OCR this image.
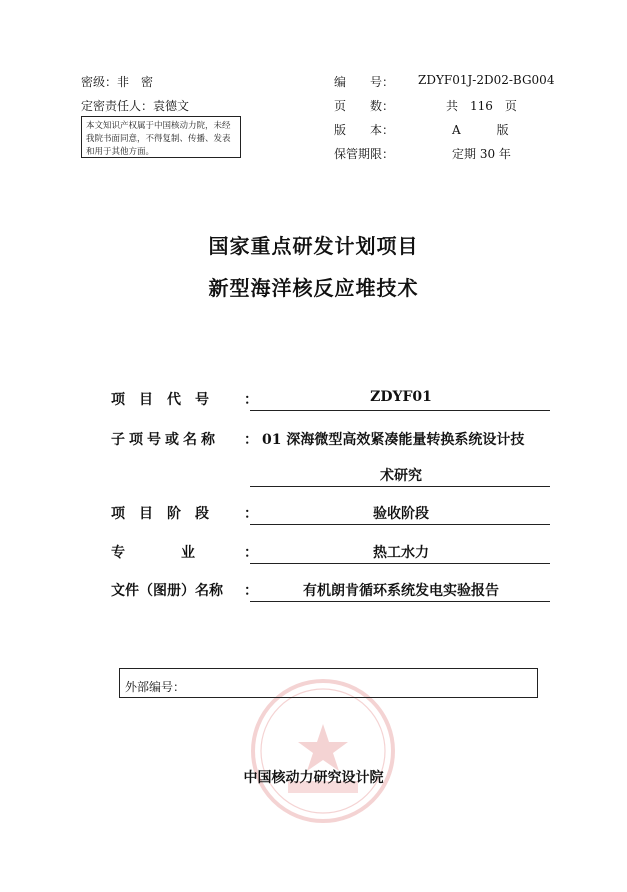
密级：非　密
定密责任人：袁德文
本文知识产权属于中国核动力院，未经我院书面同意，不得复制、传播、发表和用于其他方面。
编　　号： ZDYF01J-2D02-BG004
页　　数：	共　116　页
版　　本：	A　　　版
保管期限：	定期 30 年
国家重点研发计划项目
新型海洋核反应堆技术
项　目　代　号	：	ZDYF01
子项号或名称 ： 01 深海微型高效紧凑能量转换系统设计技
术研究
项　目　阶　段	：	验收阶段
专　　　　业	：	热工水力
文件（图册）名称 ：	有机朗肯循环系统发电实验报告
外部编号：
中国核动力研究设计院
